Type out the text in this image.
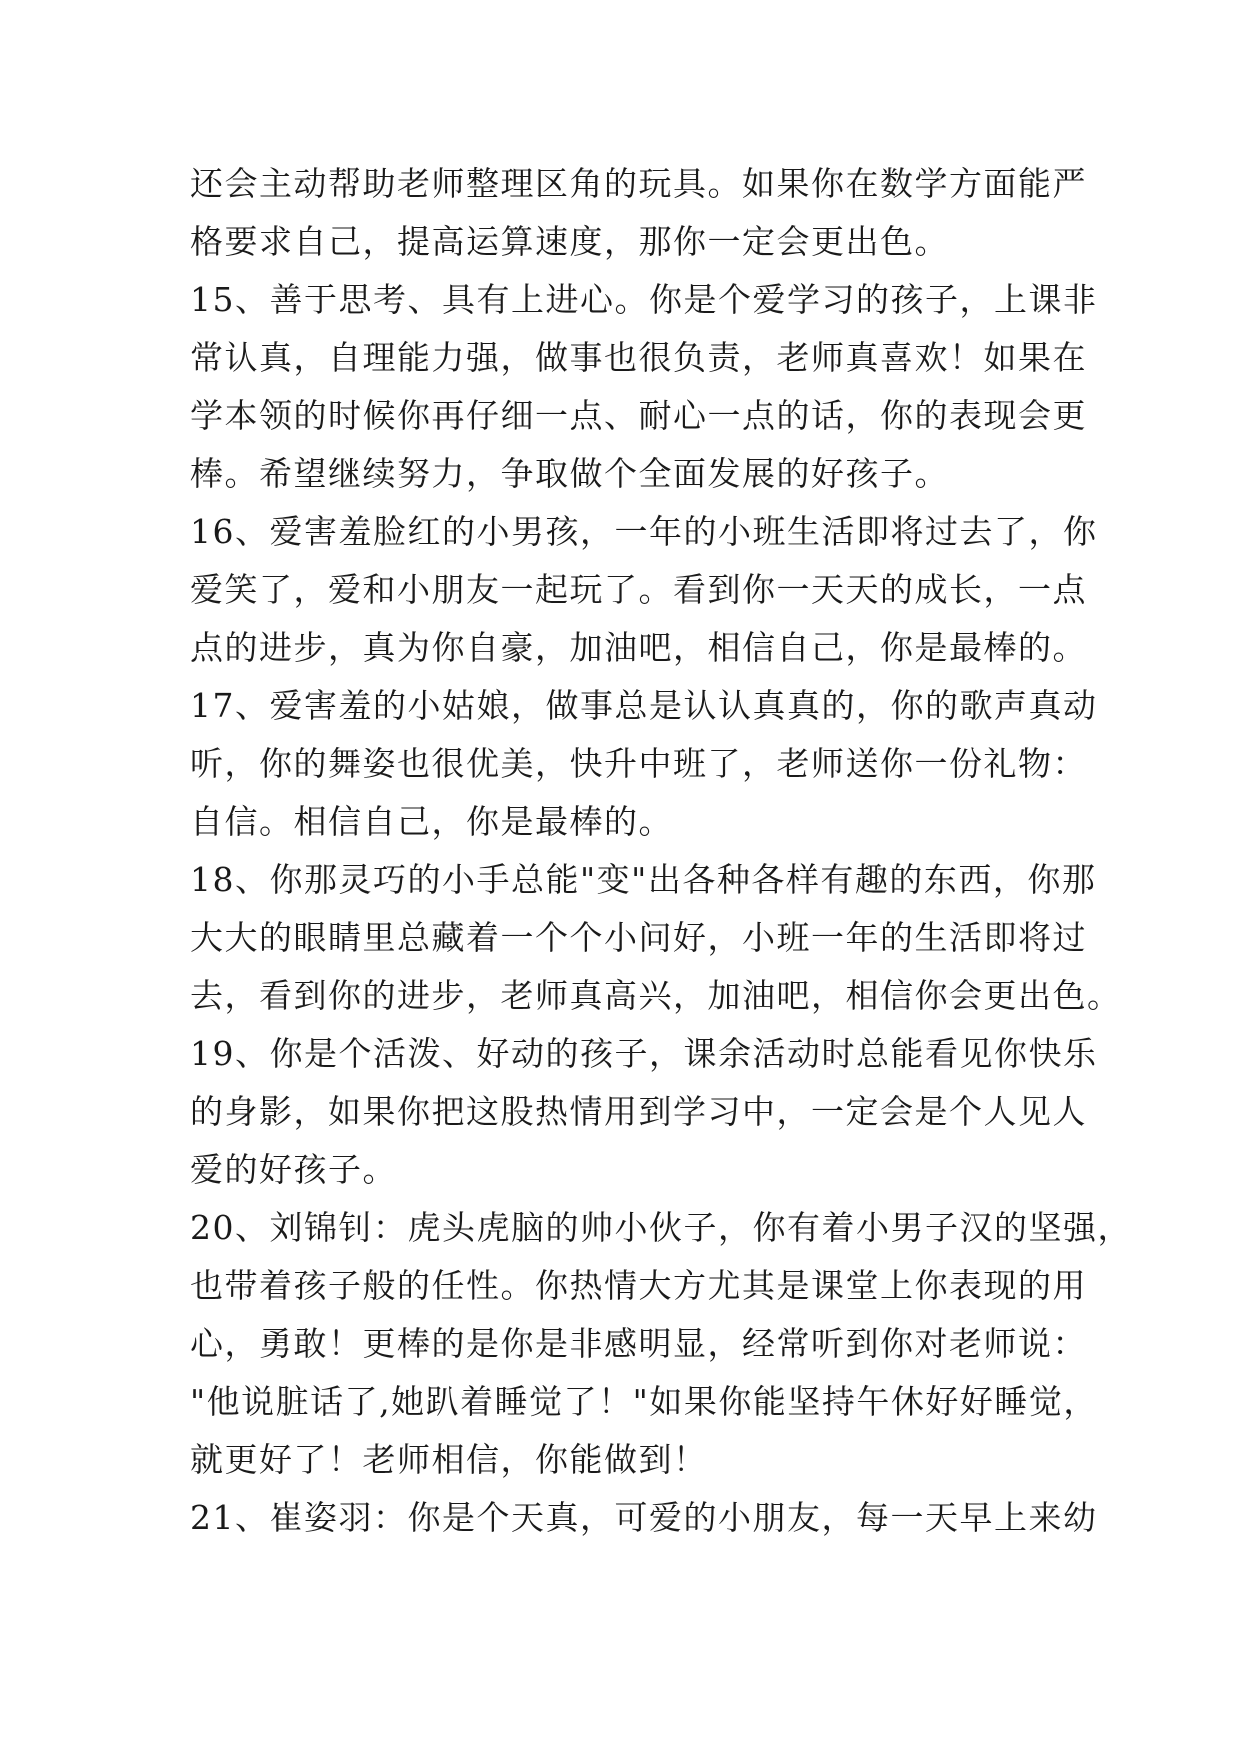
还会主动帮助老师整理区角的玩具。如果你在数学方面能严
格要求自己，提高运算速度，那你一定会更出色。
15、善于思考、具有上进心。你是个爱学习的孩子，上课非
常认真，自理能力强，做事也很负责，老师真喜欢！如果在
学本领的时候你再仔细一点、耐心一点的话，你的表现会更
棒。希望继续努力，争取做个全面发展的好孩子。
16、爱害羞脸红的小男孩，一年的小班生活即将过去了，你
爱笑了，爱和小朋友一起玩了。看到你一天天的成长，一点
点的进步，真为你自豪，加油吧，相信自己，你是最棒的。
17、爱害羞的小姑娘，做事总是认认真真的，你的歌声真动
听，你的舞姿也很优美，快升中班了，老师送你一份礼物：
自信。相信自己，你是最棒的。
18、你那灵巧的小手总能"变"出各种各样有趣的东西，你那
大大的眼睛里总藏着一个个小问好，小班一年的生活即将过
去，看到你的进步，老师真高兴，加油吧，相信你会更出色。
19、你是个活泼、好动的孩子，课余活动时总能看见你快乐
的身影，如果你把这股热情用到学习中，一定会是个人见人
爱的好孩子。
20、刘锦钊：虎头虎脑的帅小伙子，你有着小男子汉的坚强，
也带着孩子般的任性。你热情大方尤其是课堂上你表现的用
心，勇敢！更棒的是你是非感明显，经常听到你对老师说：
"他说脏话了,她趴着睡觉了！"如果你能坚持午休好好睡觉，
就更好了！老师相信，你能做到！
21、崔姿羽：你是个天真，可爱的小朋友，每一天早上来幼
